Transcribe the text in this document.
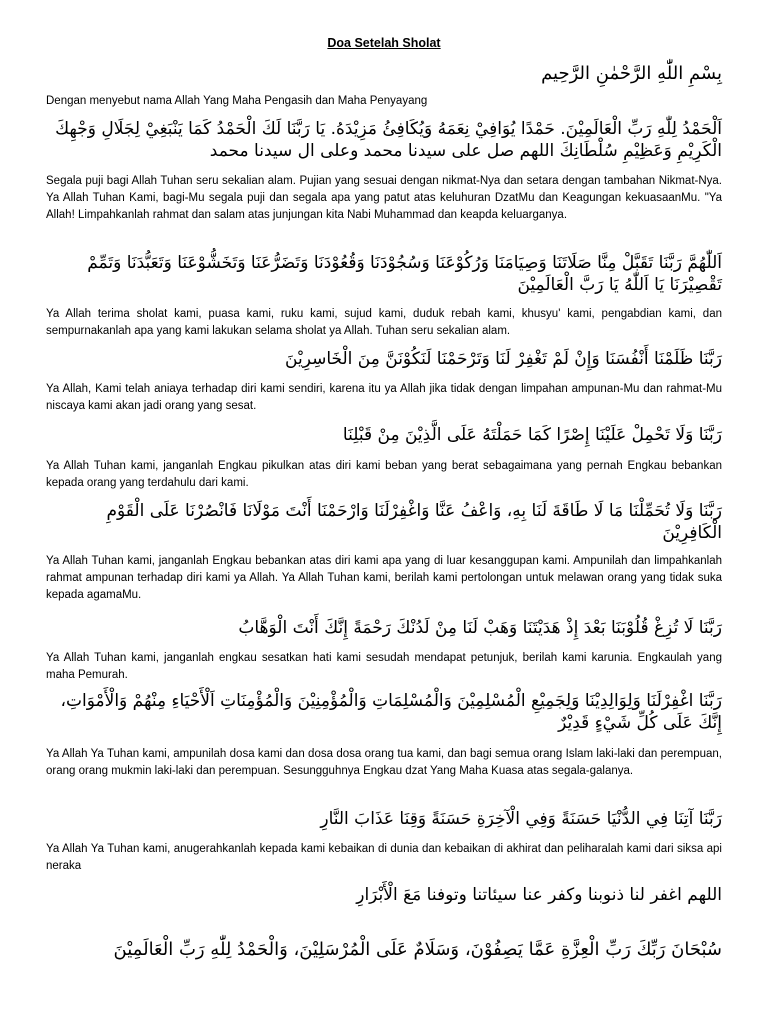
Doa Setelah Sholat
بِسْمِ اللّٰهِ الرَّحْمٰنِ الرَّحِيم
Dengan menyebut nama Allah Yang Maha Pengasih dan Maha Penyayang
اَلْحَمْدُ لِلّٰهِ رَبِّ الْعَالَمِيْنَ. حَمْدًا يُوَافِيْ نِعَمَهُ وَيُكَافِئُ مَزِيْدَهُ. يَا رَبَّنَا لَكَ الْحَمْدُ كَمَا يَنْبَغِيْ لِجَلَالِ وَجْهِكَ الْكَرِيْمِ وَعَظِيْمِ سُلْطَانِكَ اللهم صل على سيدنا محمد وعلى ال سيدنا محمد
Segala puji bagi Allah Tuhan seru sekalian alam. Pujian yang sesuai dengan nikmat-Nya dan setara dengan tambahan Nikmat-Nya. Ya Allah Tuhan Kami, bagi-Mu segala puji dan segala apa yang patut atas keluhuran DzatMu dan Keagungan kekuasaanMu. "Ya Allah! Limpahkanlah rahmat dan salam atas junjungan kita Nabi Muhammad dan keapda keluarganya.
اَللّٰهُمَّ رَبَّنَا تَقَبَّلْ مِنَّا صَلَاتَنَا وَصِيَامَنَا وَرُكُوْعَنَا وَسُجُوْدَنَا وَقُعُوْدَنَا وَتَضَرُّعَنَا وَتَخَشُّوْعَنَا وَتَعَبُّدَنَا وَتَمِّمْ تَقْصِيْرَنَا يَا اَللّٰهُ يَا رَبَّ الْعَالَمِيْنَ
Ya Allah terima sholat kami, puasa kami, ruku kami, sujud kami, duduk rebah kami, khusyu' kami, pengabdian kami, dan sempurnakanlah apa yang kami lakukan selama sholat ya Allah. Tuhan seru sekalian alam.
رَبَّنَا ظَلَمْنَا أَنْفُسَنَا وَإِنْ لَمْ تَغْفِرْ لَنَا وَتَرْحَمْنَا لَنَكُوْنَنَّ مِنَ الْخَاسِرِيْنَ
Ya Allah, Kami telah aniaya terhadap diri kami sendiri, karena itu ya Allah jika tidak dengan limpahan ampunan-Mu dan rahmat-Mu niscaya kami akan jadi orang yang sesat.
رَبَّنَا وَلَا تَحْمِلْ عَلَيْنَا إِصْرًا كَمَا حَمَلْتَهُ عَلَى الَّذِيْنَ مِنْ قَبْلِنَا
Ya Allah Tuhan kami, janganlah Engkau pikulkan atas diri kami beban yang berat sebagaimana yang pernah Engkau bebankan kepada orang yang terdahulu dari kami.
رَبَّنَا وَلَا تُحَمِّلْنَا مَا لَا طَاقَةَ لَنَا بِهِ، وَاعْفُ عَنَّا وَاغْفِرْلَنَا وَارْحَمْنَا أَنْتَ مَوْلَانَا فَانْصُرْنَا عَلَى الْقَوْمِ الْكَافِرِيْنَ
Ya Allah Tuhan kami, janganlah Engkau bebankan atas diri kami apa yang di luar kesanggupan kami. Ampunilah dan limpahkanlah rahmat ampunan terhadap diri kami ya Allah. Ya Allah Tuhan kami, berilah kami pertolongan untuk melawan orang yang tidak suka kepada agamaMu.
رَبَّنَا لَا تُزِغْ قُلُوْبَنَا بَعْدَ إِذْ هَدَيْتَنَا وَهَبْ لَنَا مِنْ لَدُنْكَ رَحْمَةً إِنَّكَ أَنْتَ الْوَهَّابُ
Ya Allah Tuhan kami, janganlah engkau sesatkan hati kami sesudah mendapat petunjuk, berilah kami karunia. Engkaulah yang maha Pemurah.
رَبَّنَا اغْفِرْلَنَا وَلِوَالِدِيْنَا وَلِجَمِيْعِ الْمُسْلِمِيْنَ وَالْمُسْلِمَاتِ وَالْمُؤْمِنِيْنَ وَالْمُؤْمِنَاتِ اَلْأَحْيَاءِ مِنْهُمْ وَالْأَمْوَاتِ، إِنَّكَ عَلَى كُلِّ شَيْءٍ قَدِيْرٌ
Ya Allah Ya Tuhan kami, ampunilah dosa kami dan dosa dosa orang tua kami, dan bagi semua orang Islam laki-laki dan perempuan, orang orang mukmin laki-laki dan perempuan. Sesungguhnya Engkau dzat Yang Maha Kuasa atas segala-galanya.
رَبَّنَا آتِنَا فِي الدُّنْيَا حَسَنَةً وَفِي الْآخِرَةِ حَسَنَةً وَقِنَا عَذَابَ النَّارِ
Ya Allah Ya Tuhan kami, anugerahkanlah kepada kami kebaikan di dunia dan kebaikan di akhirat dan peliharalah kami dari siksa api neraka
اللهم اغفر لنا ذنوبنا وكفر عنا سيئاتنا وتوفنا مَعَ الْأَبْرَارِ
سُبْحَانَ رَبِّكَ رَبِّ الْعِزَّةِ عَمَّا يَصِفُوْنَ، وَسَلَامٌ عَلَى الْمُرْسَلِيْنَ، وَالْحَمْدُ لِلّٰهِ رَبِّ الْعَالَمِيْنَ
